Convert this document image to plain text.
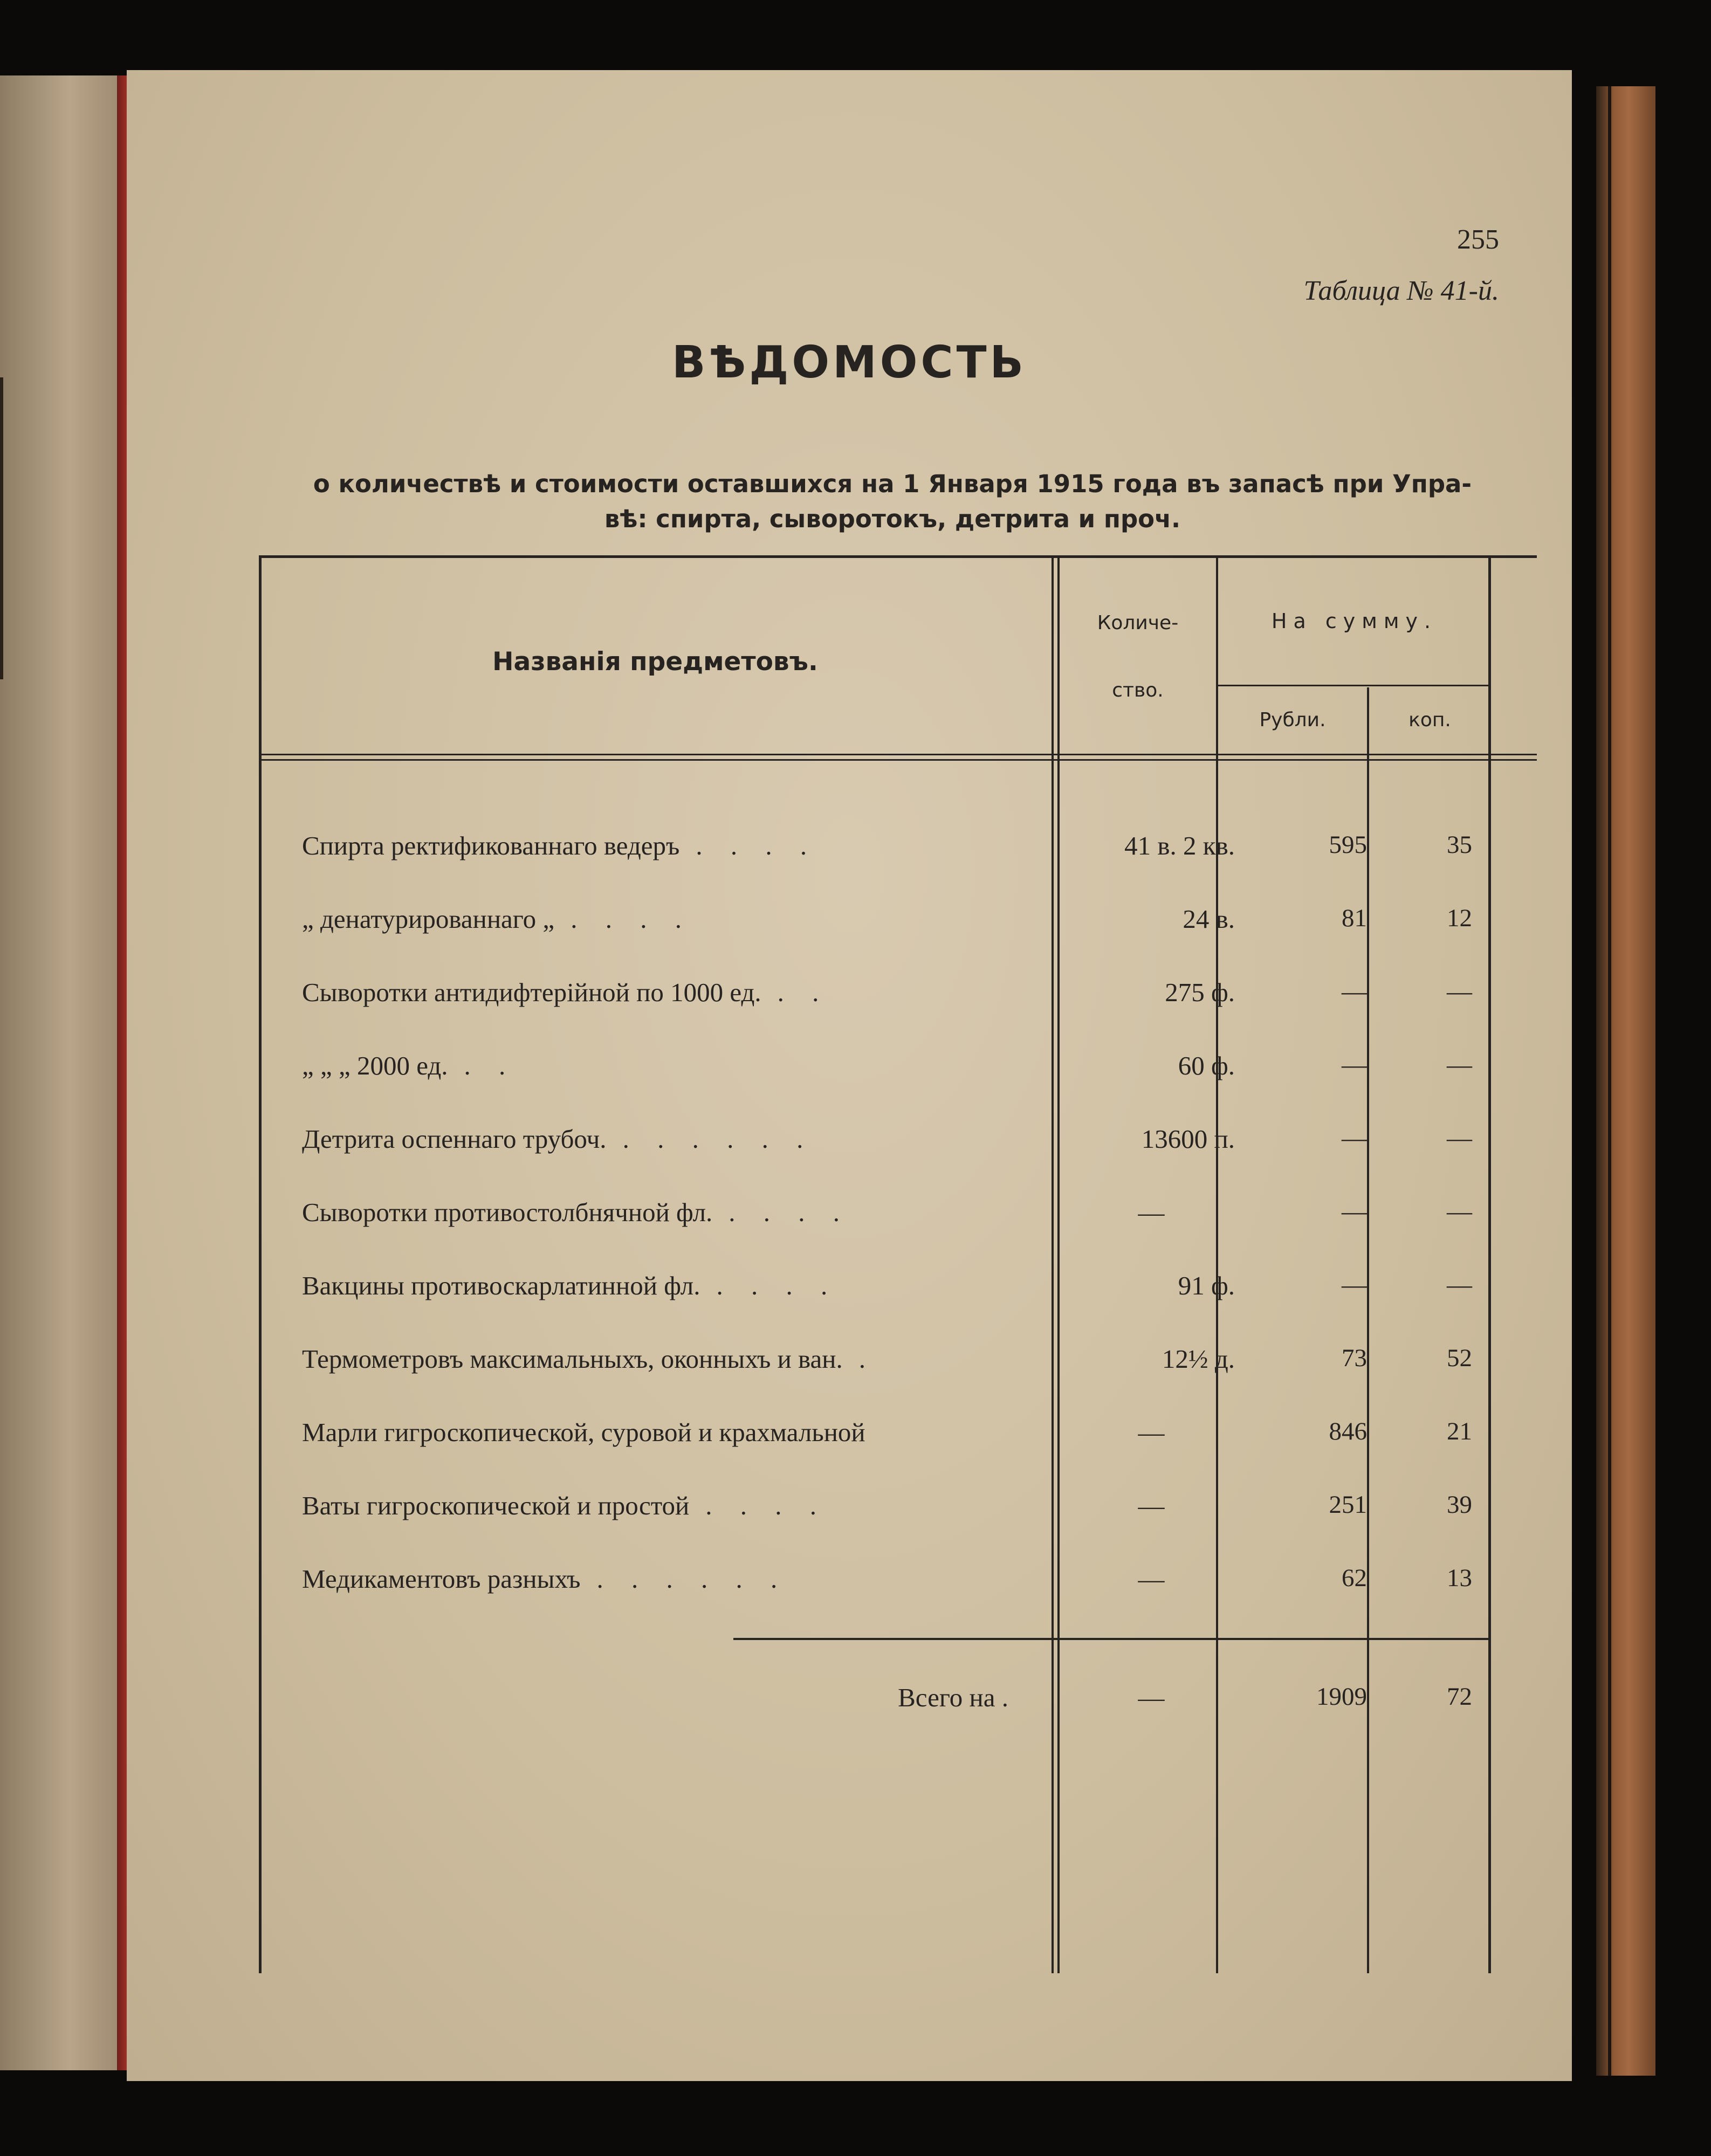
255
Таблица № 41-й.
ВѢДОМОСТЬ
о количествѣ и стоимости оставшихся на 1 Января 1915 года въ запасѣ при Упра-
вѣ: спирта, сыворотокъ, детрита и проч.
Названія предметовъ.
Количе-
ство.
На сумму.
Рубли.	коп.
Спирта ректификованнаго ведеръ . . . .	41 в. 2 кв.	595	35
„ денатурированнаго „ . . . .	24 в.	81	12
Сыворотки антидифтерійной по 1000 ед. . .	275 ф.	—	—
„ „ „ 2000 ед. . .	60 ф.	—	—
Детрита оспеннаго трубоч. . . . . . .	13600 п.	—	—
Сыворотки противостолбнячной фл. . . . .	—	—	—
Вакцины противоскарлатинной фл. . . . .	91 ф.	—	—
Термометровъ максимальныхъ, оконныхъ и ван. .	12½ д.	73	52
Марли гигроскопической, суровой и крахмальной	—	846	21
Ваты гигроскопической и простой . . . .	—	251	39
Медикаментовъ разныхъ . . . . . .	—	62	13
Всего на .	—	1909	72
